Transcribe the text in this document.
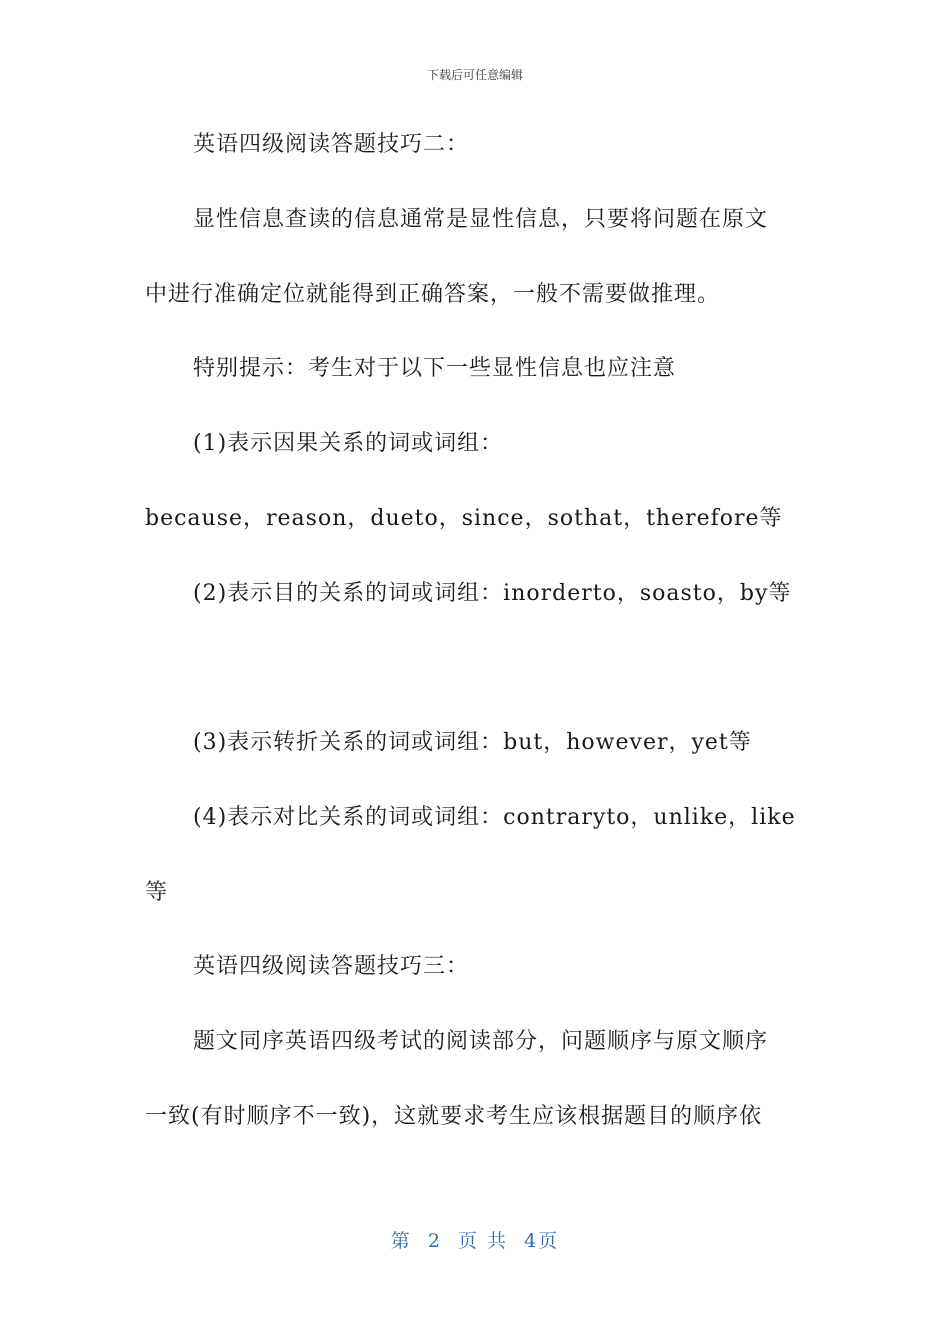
下载后可任意编辑
英语四级阅读答题技巧二：
显性信息查读的信息通常是显性信息，只要将问题在原文
中进行准确定位就能得到正确答案，一般不需要做推理。
特别提示：考生对于以下一些显性信息也应注意
(1)表示因果关系的词或词组：
because，reason，dueto，since，sothat，therefore等
(2)表示目的关系的词或词组：inorderto，soasto，by等
(3)表示转折关系的词或词组：but，however，yet等
(4)表示对比关系的词或词组：contraryto，unlike，like
等
英语四级阅读答题技巧三：
题文同序英语四级考试的阅读部分，问题顺序与原文顺序
一致(有时顺序不一致)，这就要求考生应该根据题目的顺序依
第 2 页 共 4页
